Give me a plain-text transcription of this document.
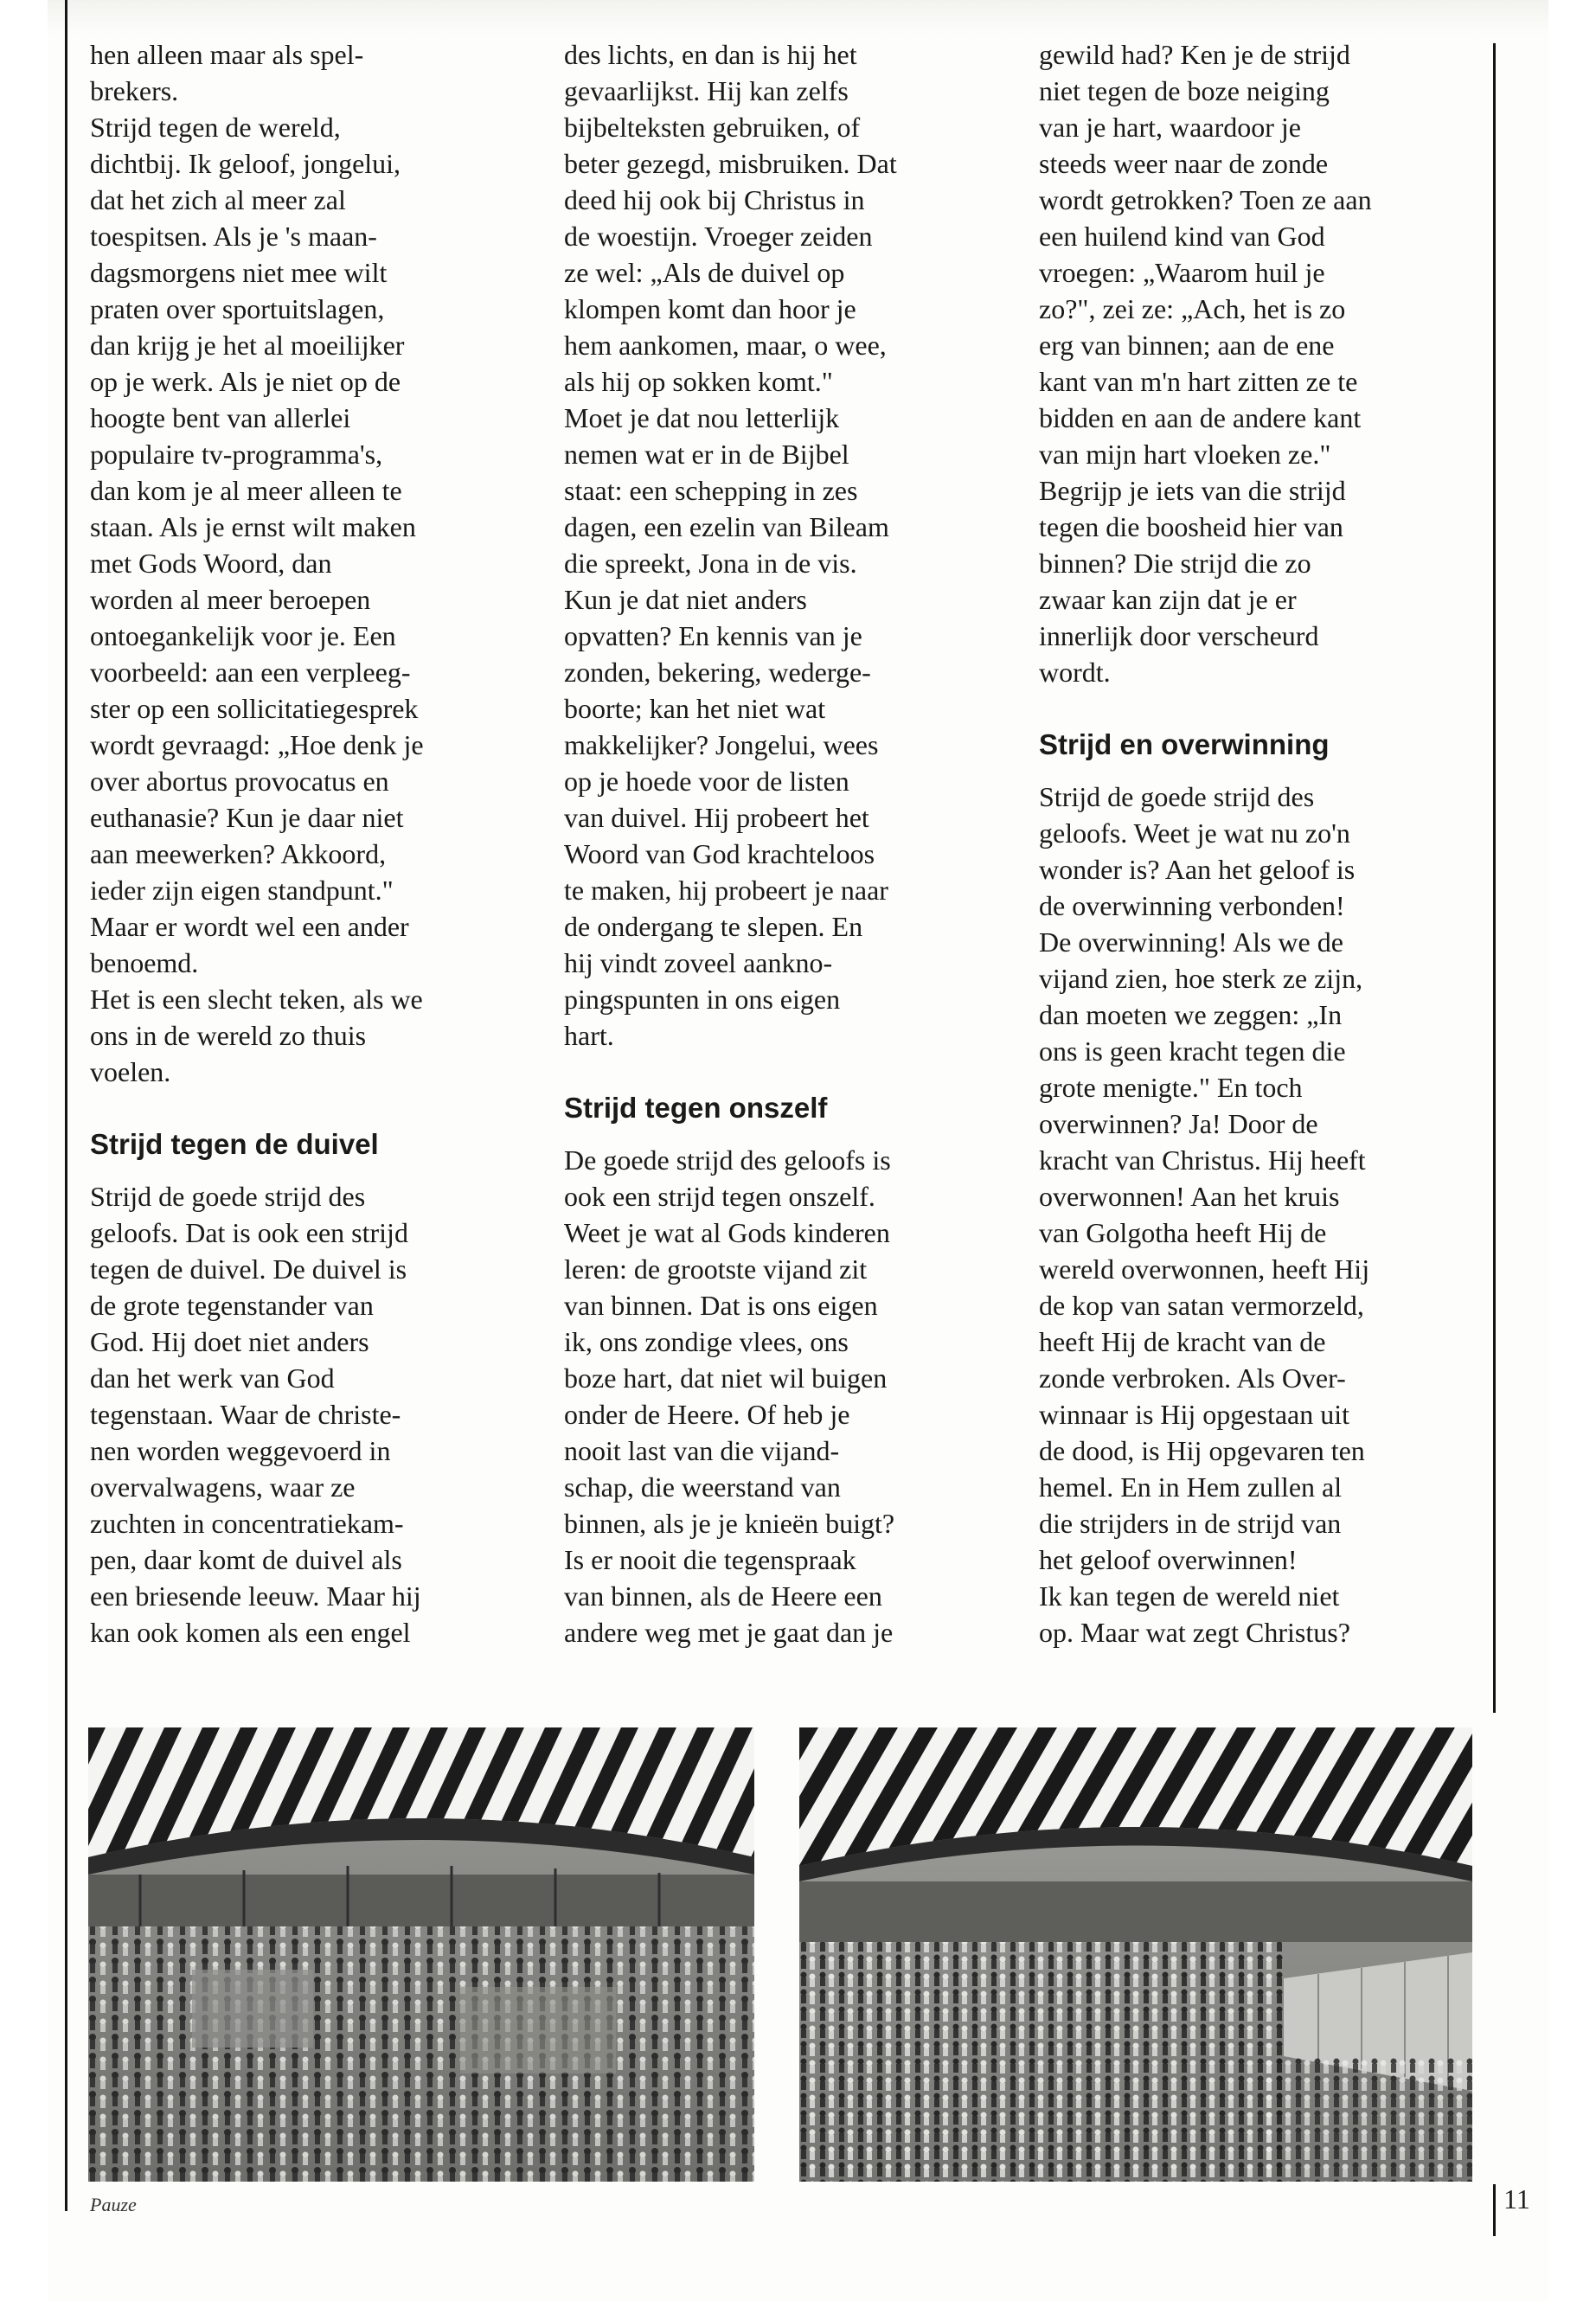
hen alleen maar als spel-
brekers.
Strijd tegen de wereld,
dichtbij. Ik geloof, jongelui,
dat het zich al meer zal
toespitsen. Als je 's maan-
dagsmorgens niet mee wilt
praten over sportuitslagen,
dan krijg je het al moeilijker
op je werk. Als je niet op de
hoogte bent van allerlei
populaire tv-programma's,
dan kom je al meer alleen te
staan. Als je ernst wilt maken
met Gods Woord, dan
worden al meer beroepen
ontoegankelijk voor je. Een
voorbeeld: aan een verpleeg-
ster op een sollicitatiegesprek
wordt gevraagd: „Hoe denk je
over abortus provocatus en
euthanasie? Kun je daar niet
aan meewerken? Akkoord,
ieder zijn eigen standpunt."
Maar er wordt wel een ander
benoemd.
Het is een slecht teken, als we
ons in de wereld zo thuis
voelen.

Strijd tegen de duivel

Strijd de goede strijd des
geloofs. Dat is ook een strijd
tegen de duivel. De duivel is
de grote tegenstander van
God. Hij doet niet anders
dan het werk van God
tegenstaan. Waar de christe-
nen worden weggevoerd in
overvalwagens, waar ze
zuchten in concentratiekam-
pen, daar komt de duivel als
een briesende leeuw. Maar hij
kan ook komen als een engel

des lichts, en dan is hij het
gevaarlijkst. Hij kan zelfs
bijbelteksten gebruiken, of
beter gezegd, misbruiken. Dat
deed hij ook bij Christus in
de woestijn. Vroeger zeiden
ze wel: „Als de duivel op
klompen komt dan hoor je
hem aankomen, maar, o wee,
als hij op sokken komt."
Moet je dat nou letterlijk
nemen wat er in de Bijbel
staat: een schepping in zes
dagen, een ezelin van Bileam
die spreekt, Jona in de vis.
Kun je dat niet anders
opvatten? En kennis van je
zonden, bekering, wederge-
boorte; kan het niet wat
makkelijker? Jongelui, wees
op je hoede voor de listen
van duivel. Hij probeert het
Woord van God krachteloos
te maken, hij probeert je naar
de ondergang te slepen. En
hij vindt zoveel aankno-
pingspunten in ons eigen
hart.

Strijd tegen onszelf

De goede strijd des geloofs is
ook een strijd tegen onszelf.
Weet je wat al Gods kinderen
leren: de grootste vijand zit
van binnen. Dat is ons eigen
ik, ons zondige vlees, ons
boze hart, dat niet wil buigen
onder de Heere. Of heb je
nooit last van die vijand-
schap, die weerstand van
binnen, als je je knieën buigt?
Is er nooit die tegenspraak
van binnen, als de Heere een
andere weg met je gaat dan je

gewild had? Ken je de strijd
niet tegen de boze neiging
van je hart, waardoor je
steeds weer naar de zonde
wordt getrokken? Toen ze aan
een huilend kind van God
vroegen: „Waarom huil je
zo?", zei ze: „Ach, het is zo
erg van binnen; aan de ene
kant van m'n hart zitten ze te
bidden en aan de andere kant
van mijn hart vloeken ze."
Begrijp je iets van die strijd
tegen die boosheid hier van
binnen? Die strijd die zo
zwaar kan zijn dat je er
innerlijk door verscheurd
wordt.

Strijd en overwinning

Strijd de goede strijd des
geloofs. Weet je wat nu zo'n
wonder is? Aan het geloof is
de overwinning verbonden!
De overwinning! Als we de
vijand zien, hoe sterk ze zijn,
dan moeten we zeggen: „In
ons is geen kracht tegen die
grote menigte." En toch
overwinnen? Ja! Door de
kracht van Christus. Hij heeft
overwonnen! Aan het kruis
van Golgotha heeft Hij de
wereld overwonnen, heeft Hij
de kop van satan vermorzeld,
heeft Hij de kracht van de
zonde verbroken. Als Over-
winnaar is Hij opgestaan uit
de dood, is Hij opgevaren ten
hemel. En in Hem zullen al
die strijders in de strijd van
het geloof overwinnen!
Ik kan tegen de wereld niet
op. Maar wat zegt Christus?

Pauze	11
